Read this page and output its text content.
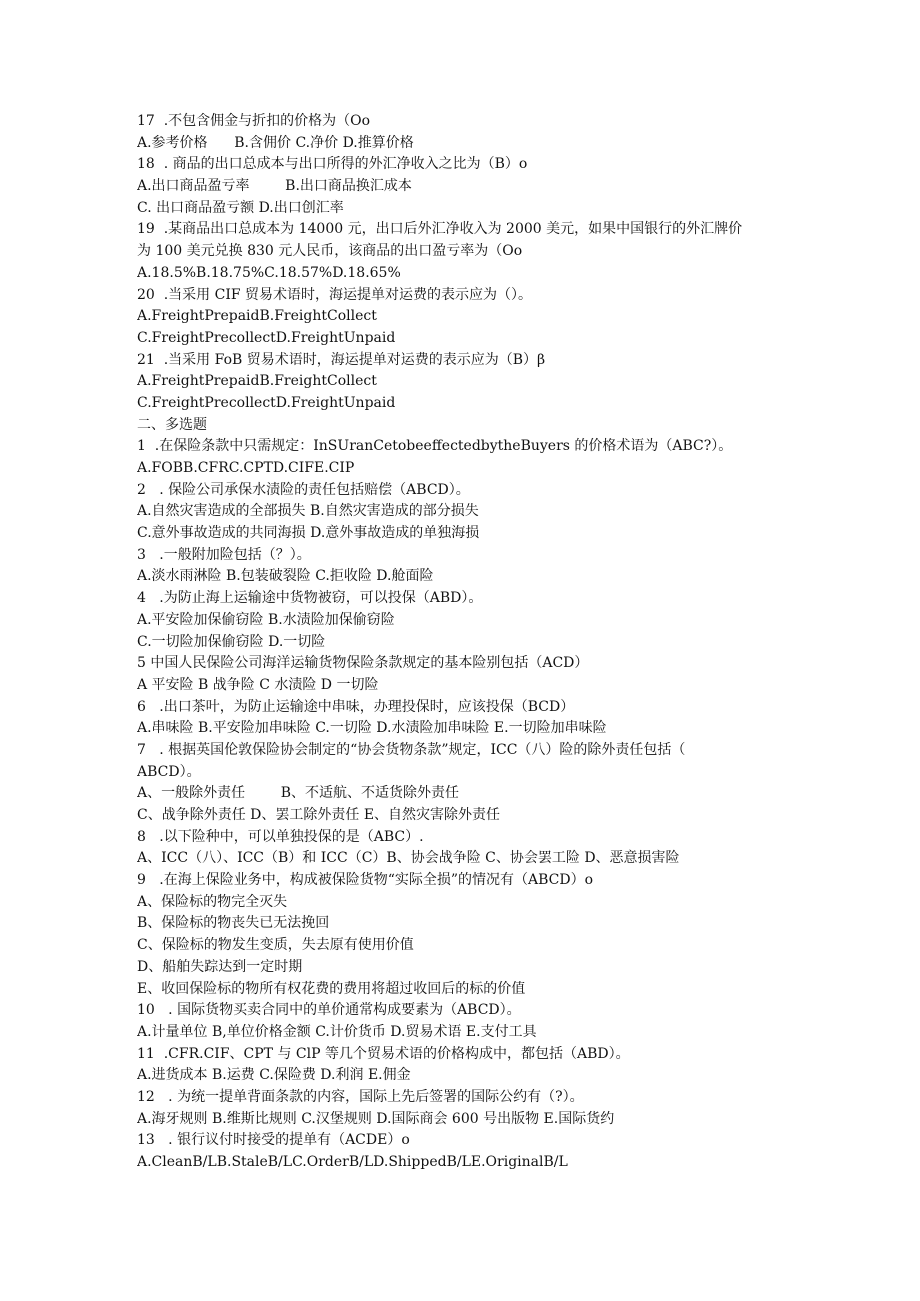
17  .不包含佣金与折扣的价格为（Oo
A.参考价格      B.含佣价 C.净价 D.推算价格
18  . 商品的出口总成本与出口所得的外汇净收入之比为（B）o
A.出口商品盈亏率        B.出口商品换汇成本
C. 出口商品盈亏额 D.出口创汇率
19  .某商品出口总成本为 14000 元，出口后外汇净收入为 2000 美元，如果中国银行的外汇牌价
为 100 美元兑换 830 元人民币，该商品的出口盈亏率为（Oo
A.18.5%B.18.75%C.18.57%D.18.65%
20  .当采用 CIF 贸易术语时，海运提单对运费的表示应为（）。
A.FreightPrepaidB.FreightCollect
C.FreightPrecollectD.FreightUnpaid
21  .当采用 FoB 贸易术语时，海运提单对运费的表示应为（B）β
A.FreightPrepaidB.FreightCollect
C.FreightPrecollectD.FreightUnpaid
二、多选题
1  .在保险条款中只需规定：InSUranCetobeeffectedbytheBuyers 的价格术语为（ABC?）。
A.FOBB.CFRC.CPTD.CIFE.CIP
2   . 保险公司承保水渍险的责任包括赔偿（ABCD）。
A.自然灾害造成的全部损失 B.自然灾害造成的部分损失
C.意外事故造成的共同海损 D.意外事故造成的单独海损
3   .一般附加险包括（？）。
A.淡水雨淋险 B.包装破裂险 C.拒收险 D.舱面险
4   .为防止海上运输途中货物被窃，可以投保（ABD）。
A.平安险加保偷窃险 B.水渍险加保偷窃险
C.一切险加保偷窃险 D.一切险
5 中国人民保险公司海洋运输货物保险条款规定的基本险别包括（ACD）
A 平安险 B 战争险 C 水渍险 D 一切险
6   .出口茶叶，为防止运输途中串味，办理投保时，应该投保（BCD）
A.串味险 B.平安险加串味险 C.一切险 D.水渍险加串味险 E.一切险加串味险
7   . 根据英国伦敦保险协会制定的“协会货物条款”规定，ICC（八）险的除外责任包括（
ABCD）。
A、一般除外责任        B、不适航、不适货除外责任
C、战争除外责任 D、罢工除外责任 E、自然灾害除外责任
8   .以下险种中，可以单独投保的是（ABC）.
A、ICC（八）、ICC（B）和 ICC（C）B、协会战争险 C、协会罢工险 D、恶意损害险
9   .在海上保险业务中，构成被保险货物“实际全损”的情况有（ABCD）o
A、保险标的物完全灭失
B、保险标的物丧失已无法挽回
C、保险标的物发生变质，失去原有使用价值
D、船舶失踪达到一定时期
E、收回保险标的物所有权花费的费用将超过收回后的标的价值
10   . 国际货物买卖合同中的单价通常构成要素为（ABCD）。
A.计量单位 B,单位价格金额 C.计价货币 D.贸易术语 E.支付工具
11  .CFR.CIF、CPT 与 ClP 等几个贸易术语的价格构成中，都包括（ABD）。
A.进货成本 B.运费 C.保险费 D.利润 E.佣金
12   . 为统一提单背面条款的内容，国际上先后签署的国际公约有（?）。
A.海牙规则 B.维斯比规则 C.汉堡规则 D.国际商会 600 号出版物 E.国际货约
13   . 银行议付时接受的提单有（ACDE）o
A.CleanB/LB.StaleB/LC.OrderB/LD.ShippedB/LE.OriginalB/L
